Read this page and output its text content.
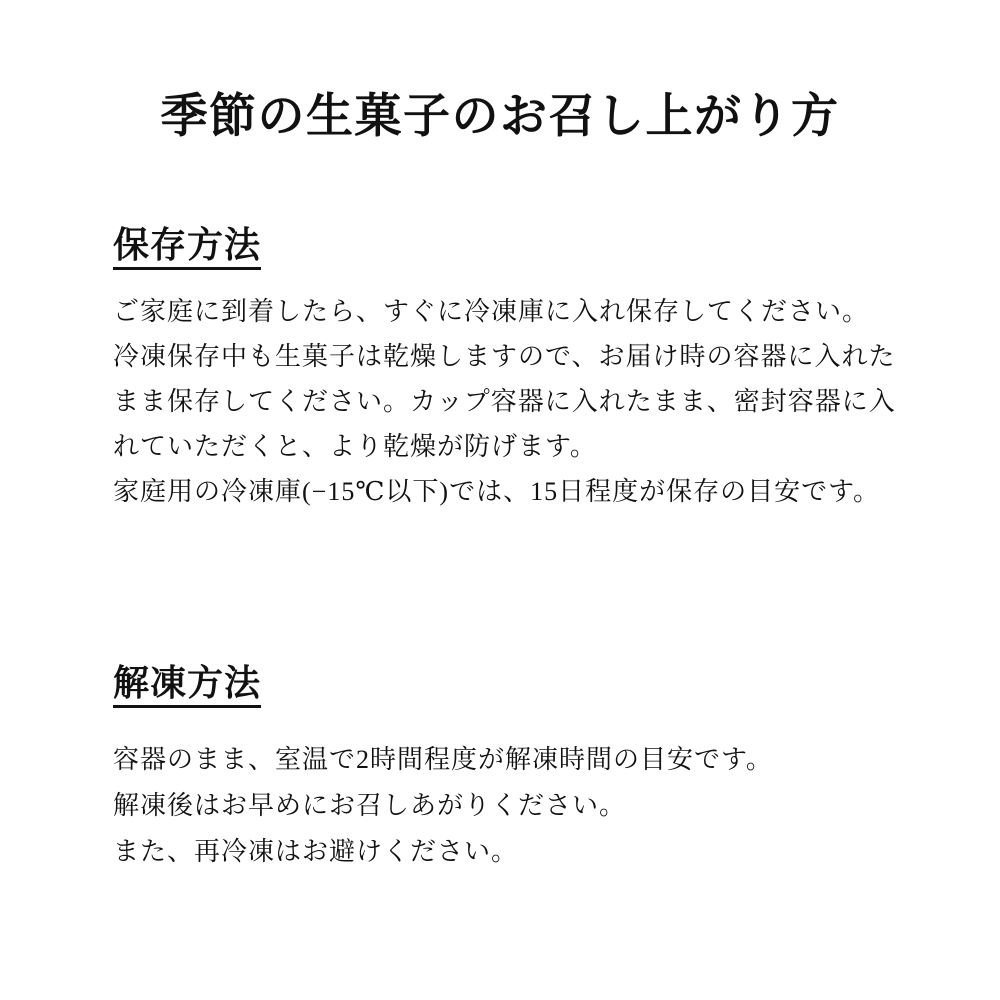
季節の生菓子のお召し上がり方
保存方法
ご家庭に到着したら、すぐに冷凍庫に入れ保存してください。
冷凍保存中も生菓子は乾燥しますので、お届け時の容器に入れた
まま保存してください。カップ容器に入れたまま、密封容器に入
れていただくと、より乾燥が防げます。
家庭用の冷凍庫(−15℃以下)では、15日程度が保存の目安です。
解凍方法
容器のまま、室温で2時間程度が解凍時間の目安です。
解凍後はお早めにお召しあがりください。
また、再冷凍はお避けください。
